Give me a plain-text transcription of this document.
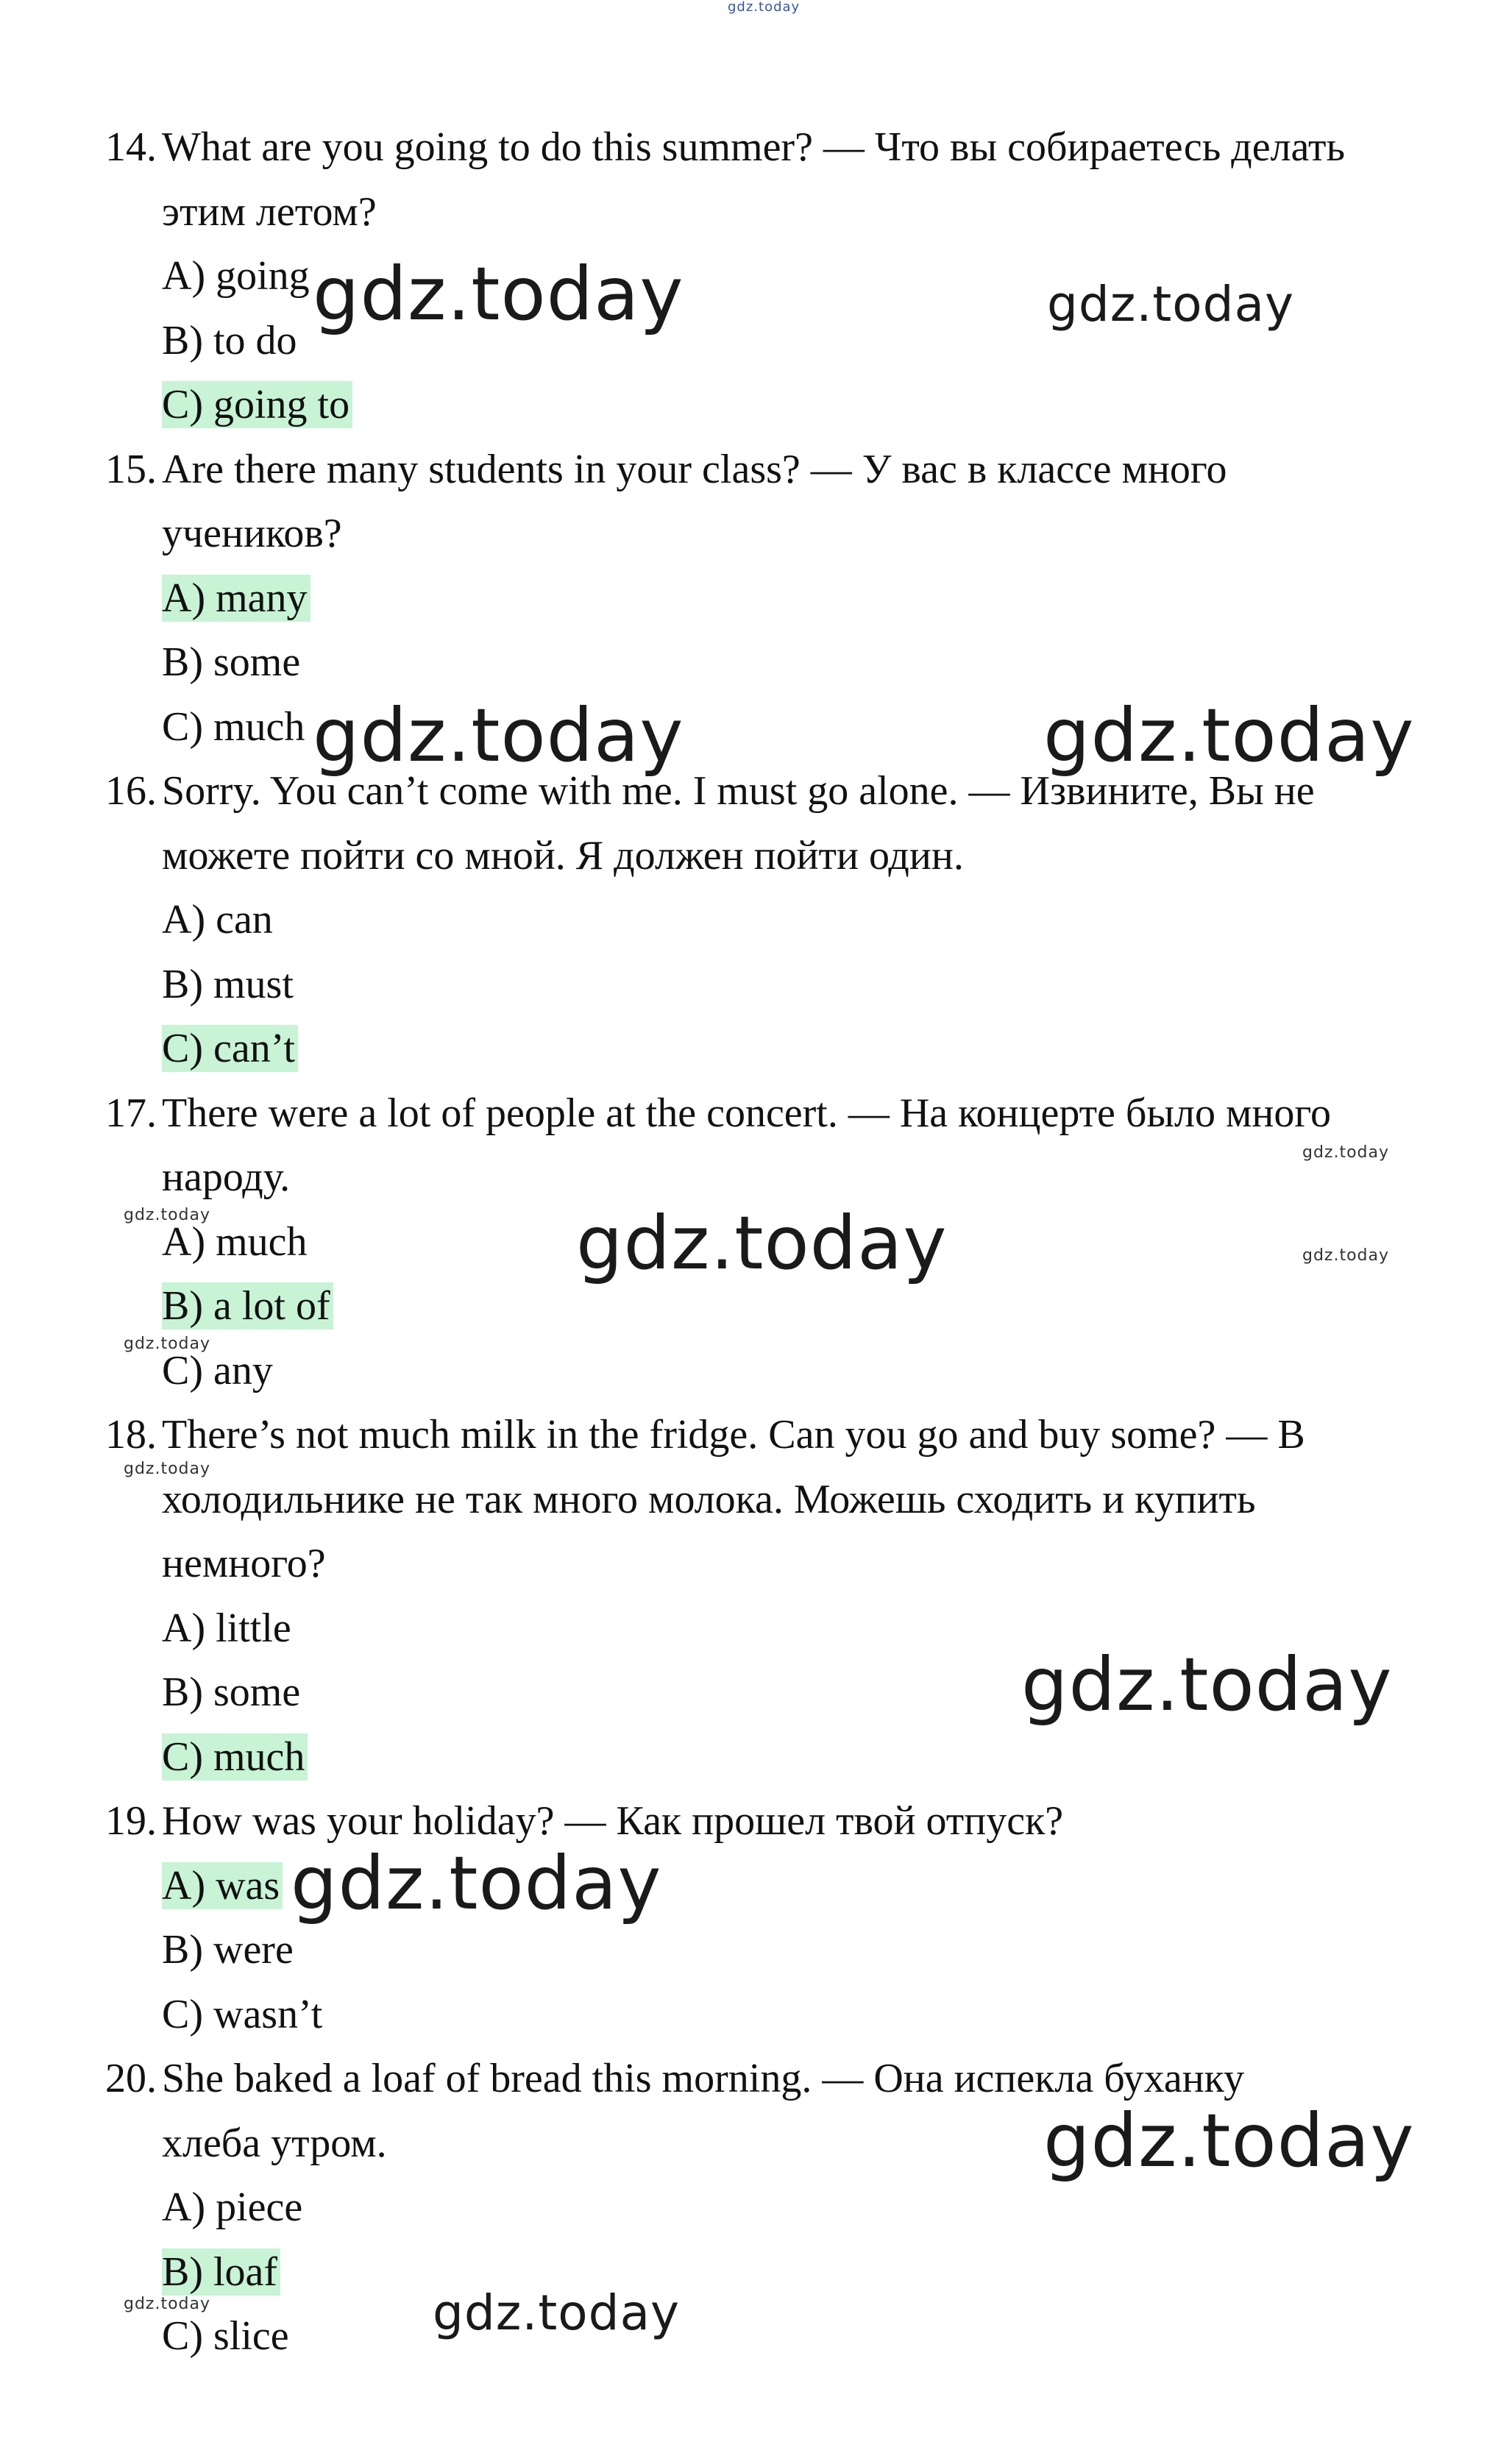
14. What are you going to do this summer? — Что вы собираетесь делать
этим летом?
A) going
B) to do
C) going to
15. Are there many students in your class? — У вас в классе много
учеников?
A) many
B) some
C) much
16. Sorry. You can’t come with me. I must go alone. — Извините, Вы не
можете пойти со мной. Я должен пойти один.
A) can
B) must
C) can’t
17. There were a lot of people at the concert. — На концерте было много
народу.
A) much
B) a lot of
C) any
18. There’s not much milk in the fridge. Can you go and buy some? — В
холодильнике не так много молока. Можешь сходить и купить
немного?
A) little
B) some
C) much
19. How was your holiday? — Как прошел твой отпуск?
A) was
B) were
C) wasn’t
20. She baked a loaf of bread this morning. — Она испекла буханку
хлеба утром.
A) piece
B) loaf
C) slice
gdz.today
gdz.today	gdz.today
gdz.today	gdz.today
gdz.today
gdz.today	gdz.today	gdz.today
gdz.today
gdz.today
gdz.today
gdz.today
gdz.today
gdz.today	gdz.today
